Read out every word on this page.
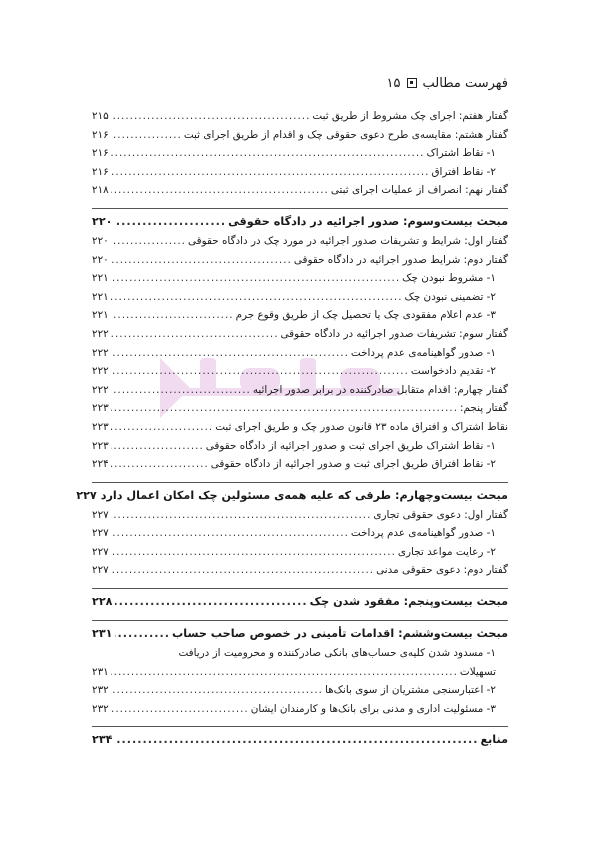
فهرست مطالب
۱۵
گفتار هفتم: اجرای چک مشروط از طریق ثبت
.....
۲۱۵
گفتار هشتم: مقایسه‌ی طرح دعوی حقوقی چک و اقدام از طریق اجرای ثبت
.....
۲۱۶
۱- نقاط اشتراک
.....
۲۱۶
۲- نقاط افتراق
.....
۲۱۶
گفتار نهم: انصراف از عملیات اجرای ثبتی
.....
۲۱۸
مبحث بیست‌وسوم: صدور اجرائیه در دادگاه حقوقی
.....
۲۲۰
گفتار اول: شرایط و تشریفات صدور اجرائیه در مورد چک در دادگاه حقوقی
.....
۲۲۰
گفتار دوم: شرایط صدور اجرائیه در دادگاه حقوقی
.....
۲۲۰
۱- مشروط نبودن چک
.....
۲۲۱
۲- تضمینی نبودن چک
.....
۲۲۱
۳- عدم اعلام مفقودی چک یا تحصیل چک از طریق وقوع جرم
.....
۲۲۱
گفتار سوم: تشریفات صدور اجرائیه در دادگاه حقوقی
.....
۲۲۲
۱- صدور گواهینامه‌ی عدم پرداخت
.....
۲۲۲
۲- تقدیم دادخواست
.....
۲۲۲
گفتار چهارم: اقدام متقابل صادرکننده در برابر صدور اجرائیه
.....
۲۲۲
گفتار پنجم:
.....
۲۲۳
نقاط اشتراک و افتراق ماده ۲۳ قانون صدور چک و طریق اجرای ثبت
.....
۲۲۳
۱- نقاط اشتراک طریق اجرای ثبت و صدور اجرائیه از دادگاه حقوقی
.....
۲۲۳
۲- نقاط افتراق طریق اجرای ثبت و صدور اجرائیه از دادگاه حقوقی
.....
۲۲۴
مبحث بیست‌وچهارم: طرقی که علیه همه‌ی مسئولین چک امکان اعمال دارد
۲۲۷
گفتار اول: دعوی حقوقی تجاری
.....
۲۲۷
۱- صدور گواهینامه‌ی عدم پرداخت
.....
۲۲۷
۲- رعایت مواعد تجاری
.....
۲۲۷
گفتار دوم: دعوی حقوقی مدنی
.....
۲۲۷
مبحث بیست‌وپنجم: مفقود شدن چک
.....
۲۲۸
مبحث بیست‌وششم: اقدامات تأمینی در خصوص صاحب حساب
.....
۲۳۱
۱- مسدود شدن کلیه‌ی حساب‌های بانکی صادرکننده و محرومیت از دریافت
تسهیلات
.....
۲۳۱
۲- اعتبارسنجی مشتریان از سوی بانک‌ها
.....
۲۳۲
۳- مسئولیت اداری و مدنی برای بانک‌ها و کارمندان ایشان
.....
۲۳۲
منابع
.....
۲۳۴
